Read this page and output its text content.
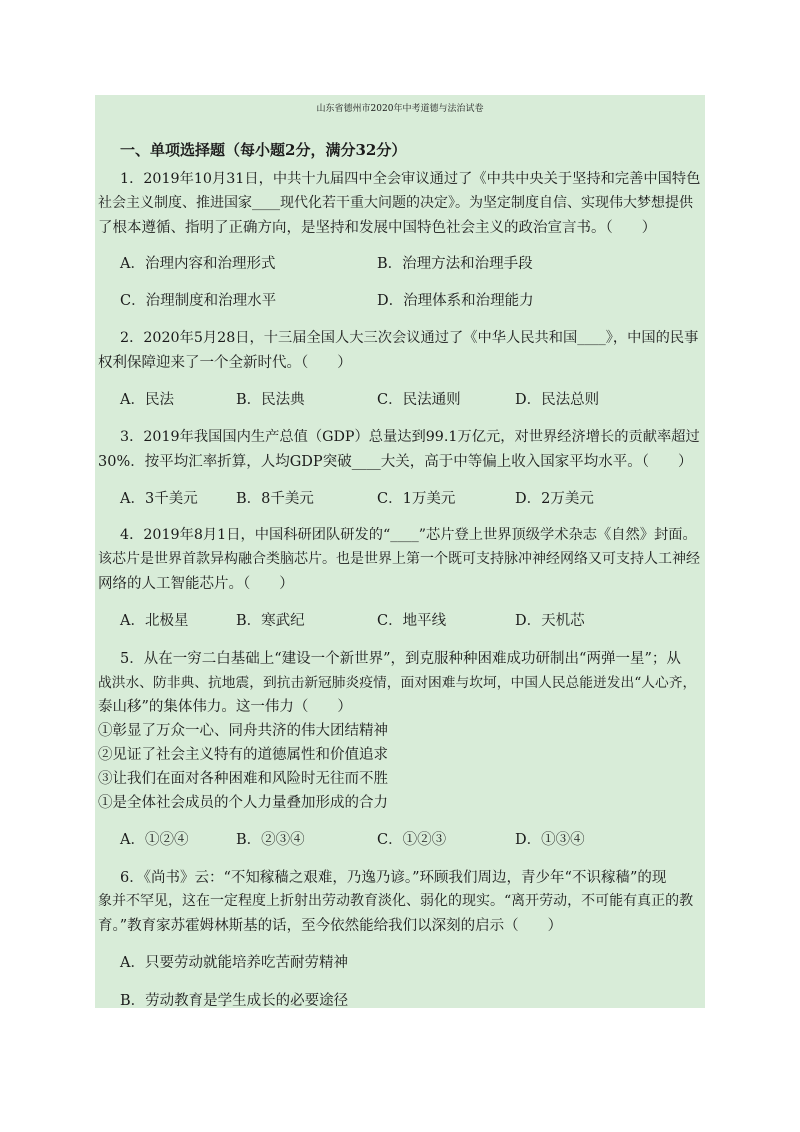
山东省德州市2020年中考道德与法治试卷
一、单项选择题（每小题2分，满分32分）
1．2019年10月31日，中共十九届四中全会审议通过了《中共中央关于坚持和完善中国特色
社会主义制度、推进国家____现代化若干重大问题的决定》。为坚定制度自信、实现伟大梦想提供
了根本遵循、指明了正确方向，是坚持和发展中国特色社会主义的政治宣言书。（　　）
A．治理内容和治理形式	B．治理方法和治理手段
C．治理制度和治理水平	D．治理体系和治理能力
2．2020年5月28日，十三届全国人大三次会议通过了《中华人民共和国____》，中国的民事
权利保障迎来了一个全新时代。（　　）
A．民法	B．民法典	C．民法通则	D．民法总则
3．2019年我国国内生产总值（GDP）总量达到99.1万亿元，对世界经济增长的贡献率超过
30%．按平均汇率折算，人均GDP突破____大关，高于中等偏上收入国家平均水平。（　　）
A．3千美元	B．8千美元	C．1万美元	D．2万美元
4．2019年8月1日，中国科研团队研发的“____”芯片登上世界顶级学术杂志《自然》封面。
该芯片是世界首款异构融合类脑芯片。也是世界上第一个既可支持脉冲神经网络又可支持人工神经
网络的人工智能芯片。（　　）
A．北极星	B．寒武纪	C．地平线	D．天机芯
5．从在一穷二白基础上“建设一个新世界”，到克服种种困难成功研制出“两弹一星”；从
战洪水、防非典、抗地震，到抗击新冠肺炎疫情，面对困难与坎坷，中国人民总能迸发出“人心齐，
泰山移”的集体伟力。这一伟力（　　）
①彰显了万众一心、同舟共济的伟大团结精神
②见证了社会主义特有的道德属性和价值追求
③让我们在面对各种困难和风险时无往而不胜
①是全体社会成员的个人力量叠加形成的合力
A．①②④	B．②③④	C．①②③	D．①③④
6．《尚书》云：“不知稼穑之艰难，乃逸乃谚。”环顾我们周边，青少年“不识稼穑”的现
象并不罕见，这在一定程度上折射出劳动教育淡化、弱化的现实。“离开劳动，不可能有真正的教
育。”教育家苏霍姆林斯基的话，至今依然能给我们以深刻的启示（　　）
A．只要劳动就能培养吃苦耐劳精神
B．劳动教育是学生成长的必要途径
